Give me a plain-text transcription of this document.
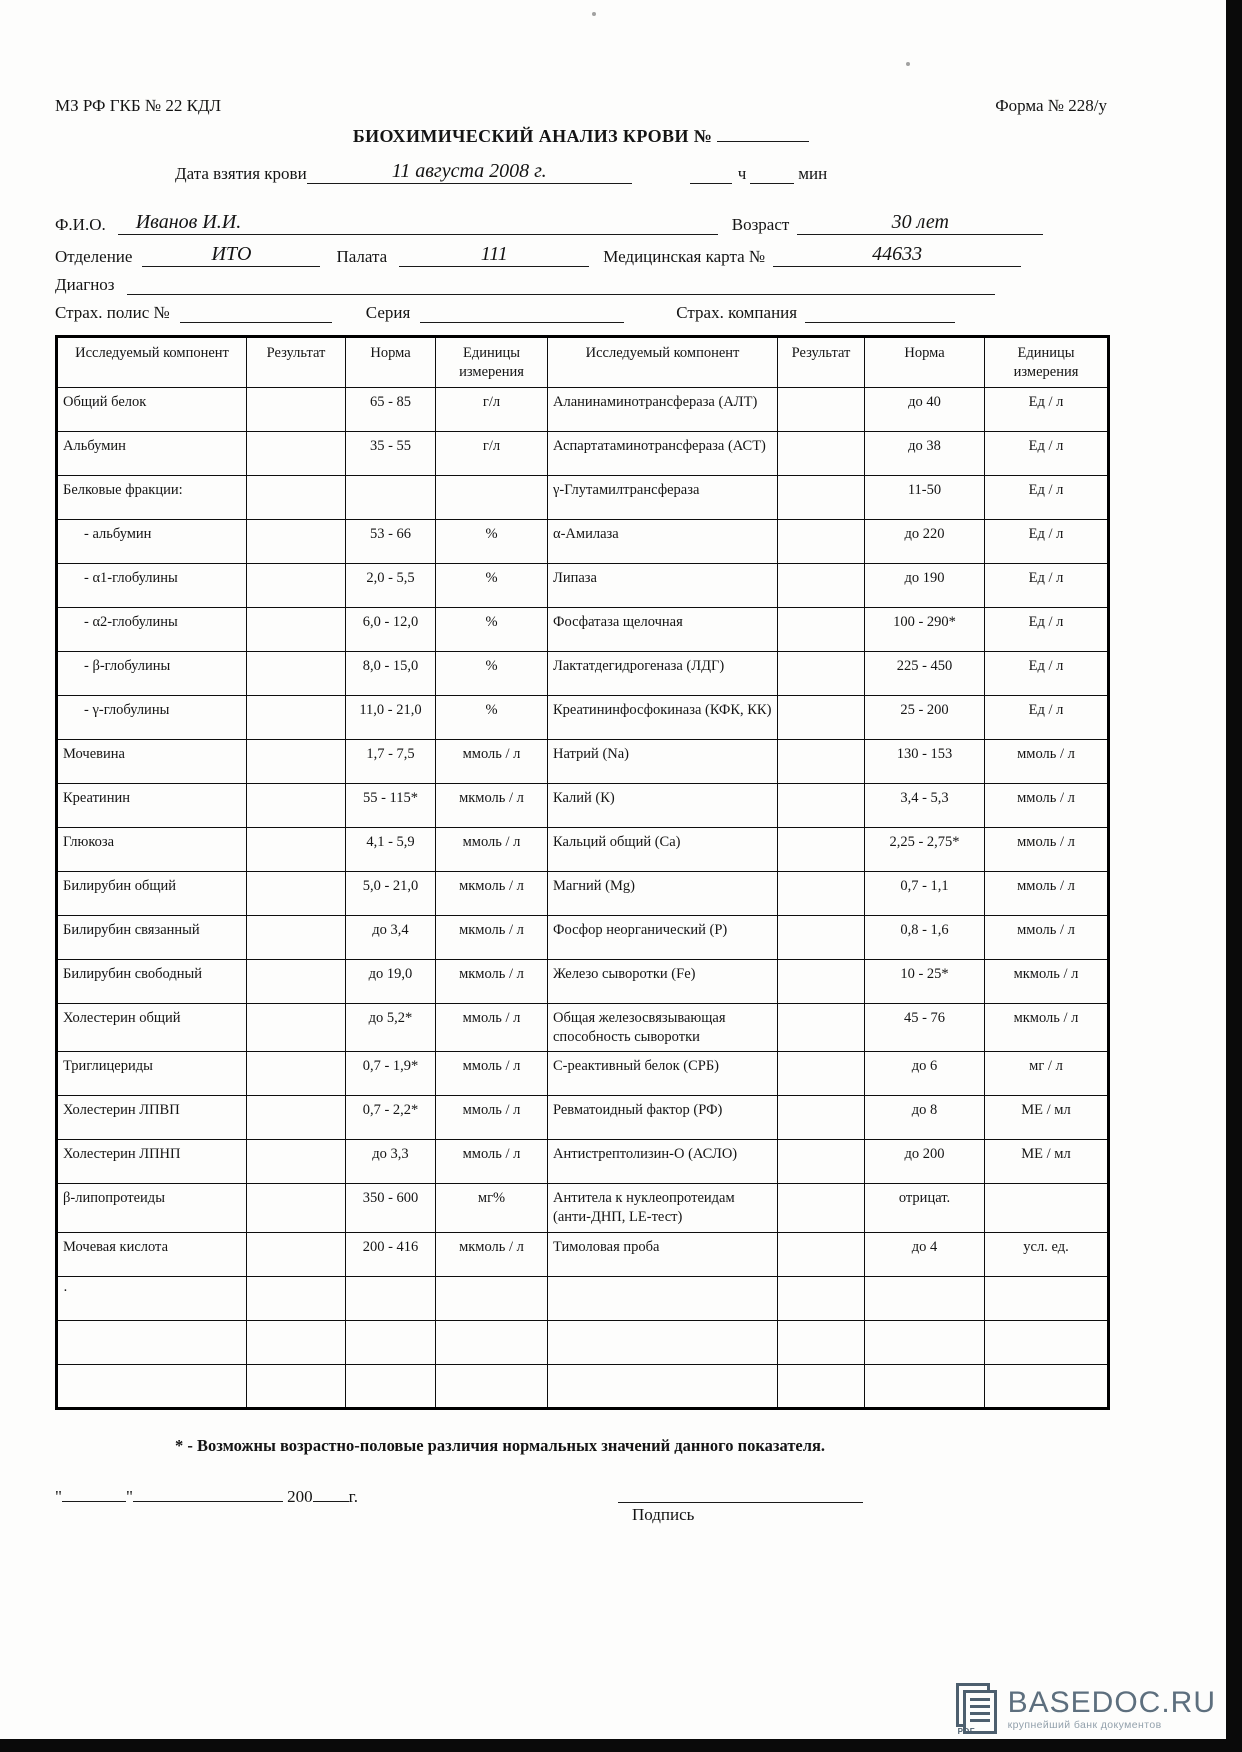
МЗ РФ ГКБ № 22 КДЛ	Форма № 228/у
БИОХИМИЧЕСКИЙ АНАЛИЗ КРОВИ №
Дата взятия крови	11 августа 2008 г.	ч	мин
Ф.И.О.	Иванов И.И.	Возраст	30 лет
Отделение	ИТО	Палата	111	Медицинская карта №	44633
Диагноз
Страх. полис №	Серия	Страх. компания
Исследуемый компонент	Результат	Норма	Единицы измерения	Исследуемый компонент	Результат	Норма	Единицы измерения
Общий белок		65 - 85	г/л	Аланинаминотрансфераза (АЛТ)		до 40	Ед / л
Альбумин		35 - 55	г/л	Аспартатаминотрансфераза (АСТ)		до 38	Ед / л
Белковые фракции:				γ-Глутамилтрансфераза		11-50	Ед / л
- альбумин		53 - 66	%	α-Амилаза		до 220	Ед / л
- α1-глобулины		2,0 - 5,5	%	Липаза		до 190	Ед / л
- α2-глобулины		6,0 - 12,0	%	Фосфатаза щелочная		100 - 290*	Ед / л
- β-глобулины		8,0 - 15,0	%	Лактатдегидрогеназа (ЛДГ)		225 - 450	Ед / л
- γ-глобулины		11,0 - 21,0	%	Креатининфосфокиназа (КФК, КК)		25 - 200	Ед / л
Мочевина		1,7 - 7,5	ммоль / л	Натрий (Na)		130 - 153	ммоль / л
Креатинин		55 - 115*	мкмоль / л	Калий (К)		3,4 - 5,3	ммоль / л
Глюкоза		4,1 - 5,9	ммоль / л	Кальций общий (Са)		2,25 - 2,75*	ммоль / л
Билирубин общий		5,0 - 21,0	мкмоль / л	Магний (Mg)		0,7 - 1,1	ммоль / л
Билирубин связанный		до 3,4	мкмоль / л	Фосфор неорганический (Р)		0,8 - 1,6	ммоль / л
Билирубин свободный		до 19,0	мкмоль / л	Железо сыворотки (Fe)		10 - 25*	мкмоль / л
Холестерин общий		до 5,2*	ммоль / л	Общая железосвязывающая способность сыворотки		45 - 76	мкмоль / л
Триглицериды		0,7 - 1,9*	ммоль / л	С-реактивный белок (СРБ)		до 6	мг / л
Холестерин ЛПВП		0,7 - 2,2*	ммоль / л	Ревматоидный фактор (РФ)		до 8	МЕ / мл
Холестерин ЛПНП		до 3,3	ммоль / л	Антистрептолизин-О (АСЛО)		до 200	МЕ / мл
β-липопротеиды		350 - 600	мг%	Антитела к нуклеопротеидам (анти-ДНП, LE-тест)		отрицат.	
Мочевая кислота		200 - 416	мкмоль / л	Тимоловая проба		до 4	усл. ед.
·							

* - Возможны возрастно-половые различия нормальных значений данного показателя.
"	"	200 г.
Подпись
PDF
BASEDOC.RU
крупнейший банк документов
